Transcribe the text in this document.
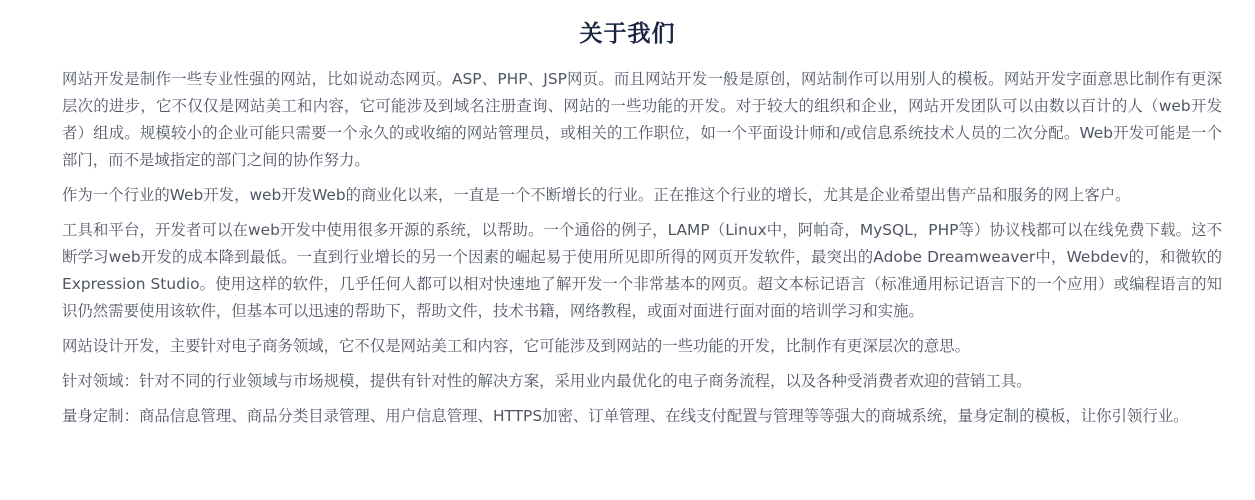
关于我们

网站开发是制作一些专业性强的网站，比如说动态网页。ASP、PHP、JSP网页。而且网站开发一般是原创，网站制作可以用别人的模板。网站开发字面意思比制作有更深层次的进步，它不仅仅是网站美工和内容，它可能涉及到域名注册查询、网站的一些功能的开发。对于较大的组织和企业，网站开发团队可以由数以百计的人（web开发者）组成。规模较小的企业可能只需要一个永久的或收缩的网站管理员，或相关的工作职位，如一个平面设计师和/或信息系统技术人员的二次分配。Web开发可能是一个部门，而不是域指定的部门之间的协作努力。

作为一个行业的Web开发，web开发Web的商业化以来，一直是一个不断增长的行业。正在推这个行业的增长，尤其是企业希望出售产品和服务的网上客户。

工具和平台，开发者可以在web开发中使用很多开源的系统，以帮助。一个通俗的例子，LAMP（Linux中，阿帕奇，MySQL，PHP等）协议栈都可以在线免费下载。这不断学习web开发的成本降到最低。一直到行业增长的另一个因素的崛起易于使用所见即所得的网页开发软件，最突出的Adobe Dreamweaver中，Webdev的，和微软的Expression Studio。使用这样的软件，几乎任何人都可以相对快速地了解开发一个非常基本的网页。超文本标记语言（标准通用标记语言下的一个应用）或编程语言的知识仍然需要使用该软件，但基本可以迅速的帮助下，帮助文件，技术书籍，网络教程，或面对面进行面对面的培训学习和实施。

网站设计开发，主要针对电子商务领域，它不仅是网站美工和内容，它可能涉及到网站的一些功能的开发，比制作有更深层次的意思。

针对领域：针对不同的行业领域与市场规模，提供有针对性的解决方案，采用业内最优化的电子商务流程，以及各种受消费者欢迎的营销工具。

量身定制：商品信息管理、商品分类目录管理、用户信息管理、HTTPS加密、订单管理、在线支付配置与管理等等强大的商城系统，量身定制的模板，让你引领行业。
